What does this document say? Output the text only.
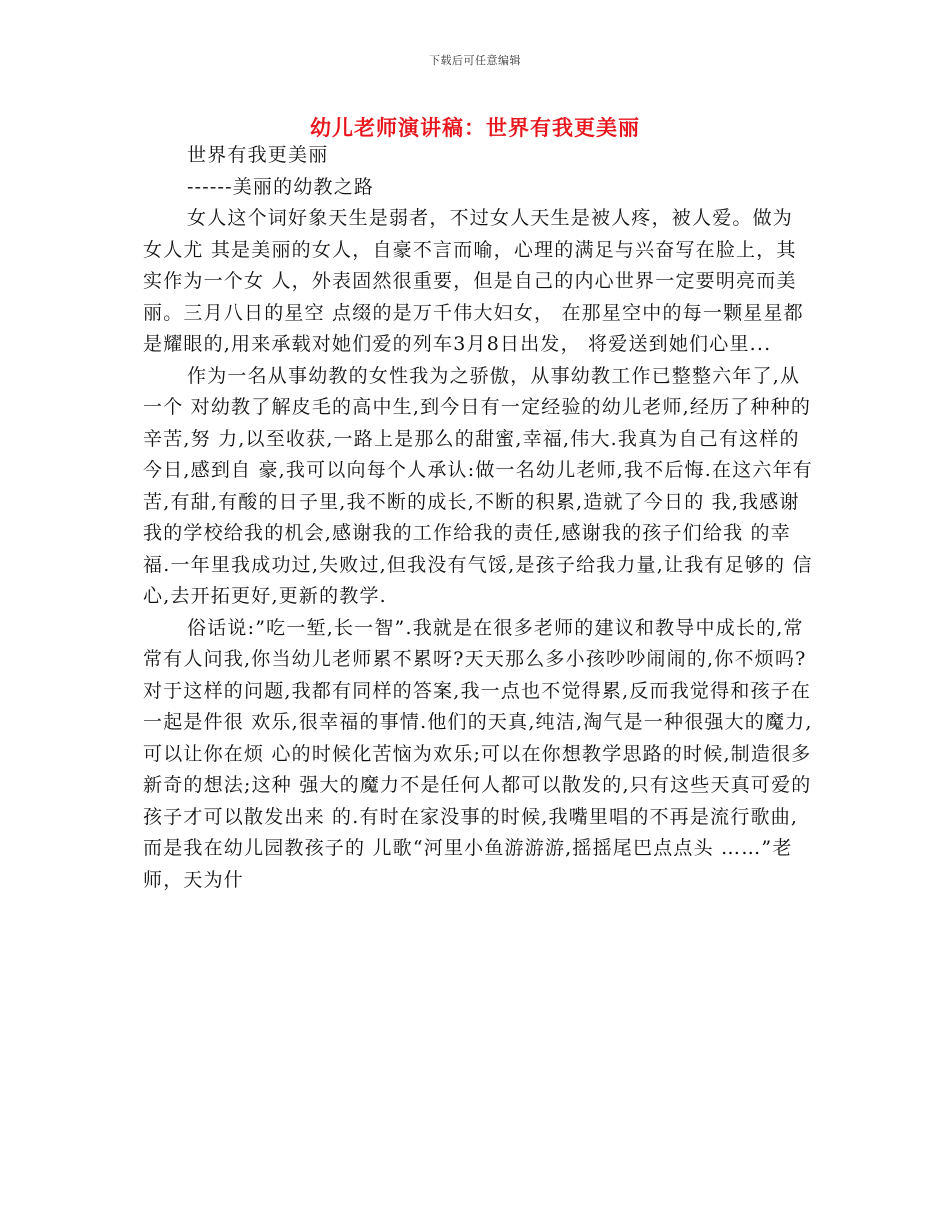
下载后可任意编辑
幼儿老师演讲稿：世界有我更美丽

世界有我更美丽

------美丽的幼教之路

女人这个词好象天生是弱者，不过女人天生是被人疼，被人爱。做为女人尤 其是美丽的女人，自豪不言而喻，心理的满足与兴奋写在脸上，其实作为一个女 人，外表固然很重要，但是自己的内心世界一定要明亮而美丽。三月八日的星空 点缀的是万千伟大妇女， 在那星空中的每一颗星星都是耀眼的,用来承载对她们爱的列车3月8日出发， 将爱送到她们心里...

作为一名从事幼教的女性我为之骄傲，从事幼教工作已整整六年了,从一个 对幼教了解皮毛的高中生,到今日有一定经验的幼儿老师,经历了种种的辛苦,努 力,以至收获,一路上是那么的甜蜜,幸福,伟大.我真为自己有这样的今日,感到自 豪,我可以向每个人承认:做一名幼儿老师,我不后悔.在这六年有苦,有甜,有酸的日子里,我不断的成长,不断的积累,造就了今日的 我,我感谢我的学校给我的机会,感谢我的工作给我的责任,感谢我的孩子们给我 的幸福.一年里我成功过,失败过,但我没有气馁,是孩子给我力量,让我有足够的 信心,去开拓更好,更新的教学.

俗话说:”吃一堑,长一智”.我就是在很多老师的建议和教导中成长的,常常有人问我,你当幼儿老师累不累呀?天天那么多小孩吵吵闹闹的,你不烦吗?对于这样的问题,我都有同样的答案,我一点也不觉得累,反而我觉得和孩子在一起是件很 欢乐,很幸福的事情.他们的天真,纯洁,淘气是一种很强大的魔力,可以让你在烦 心的时候化苦恼为欢乐;可以在你想教学思路的时候,制造很多新奇的想法;这种 强大的魔力不是任何人都可以散发的,只有这些天真可爱的孩子才可以散发出来 的.有时在家没事的时候,我嘴里唱的不再是流行歌曲,而是我在幼儿园教孩子的 儿歌“河里小鱼游游游,摇摇尾巴点点头 ……”老师，天为什
